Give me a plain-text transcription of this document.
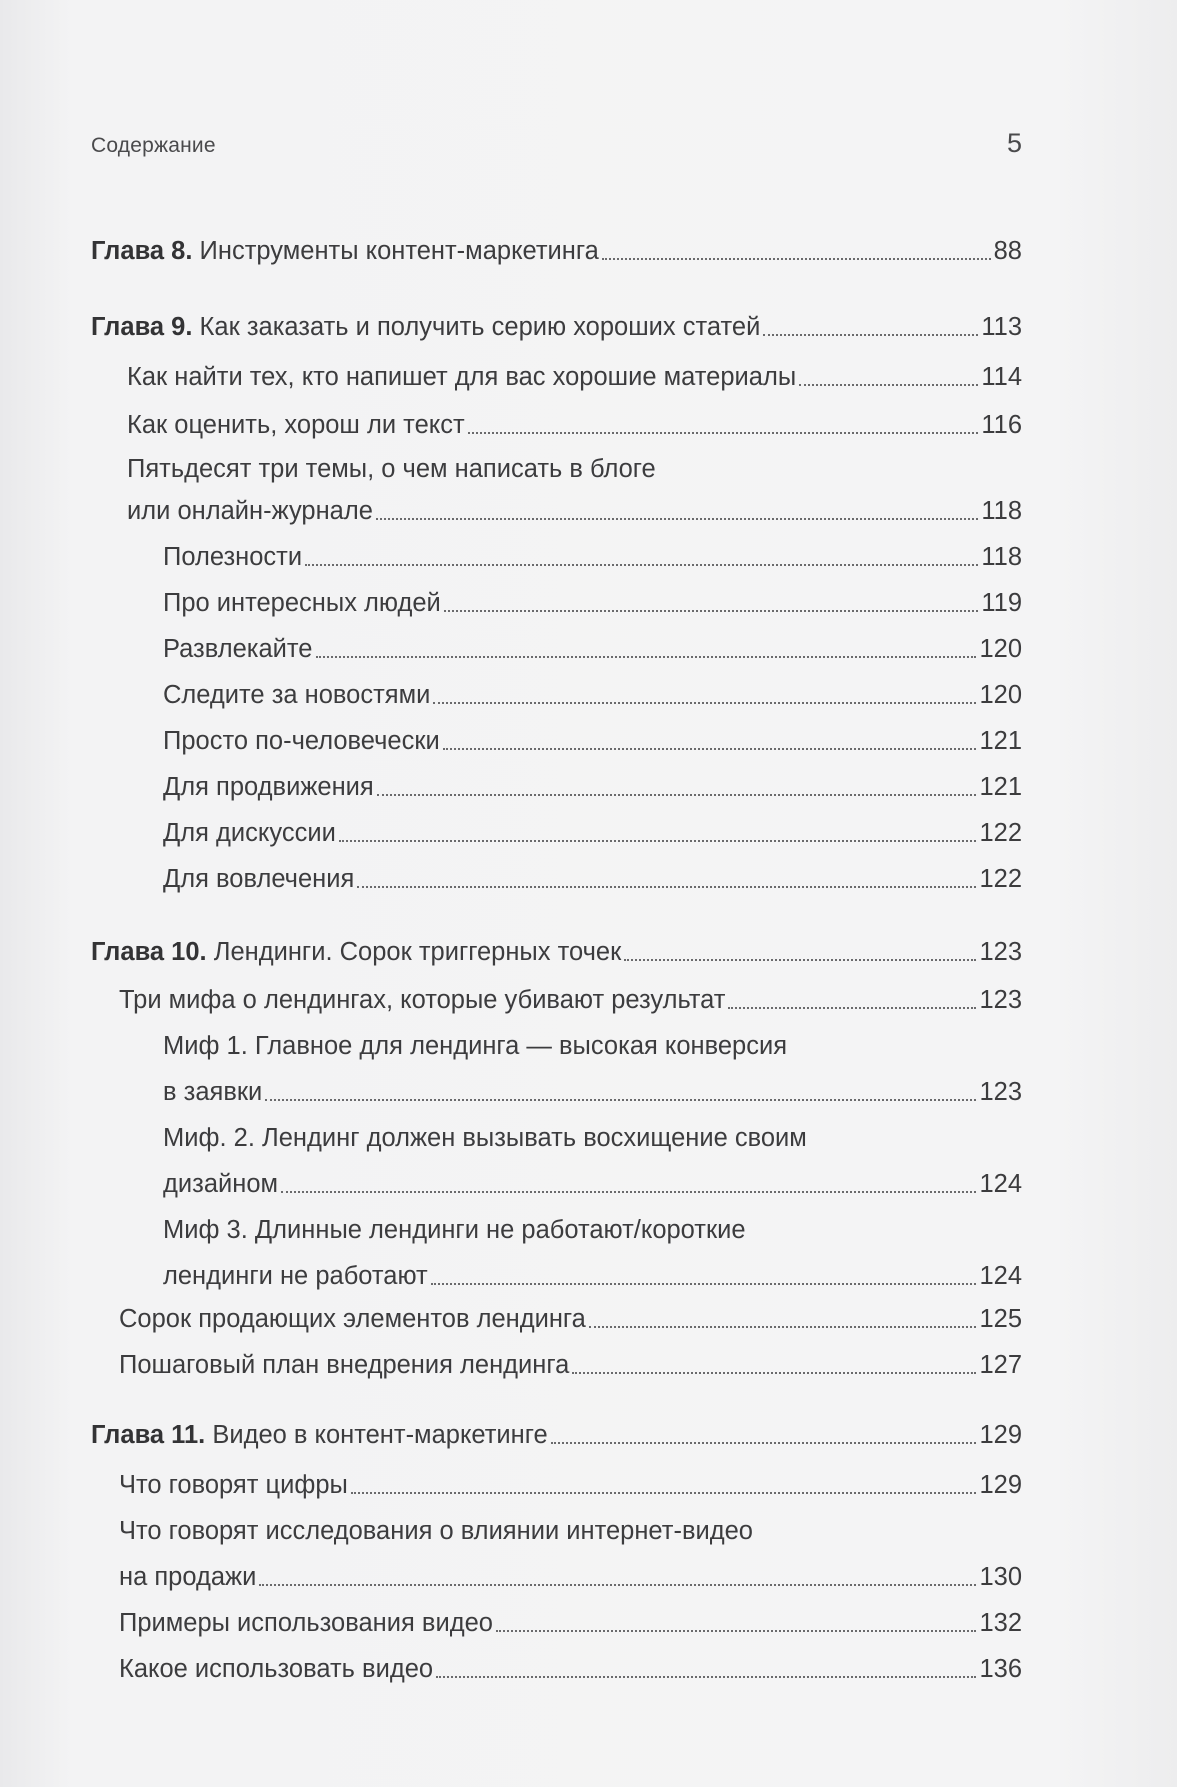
Содержание	5
Глава 8. Инструменты контент-маркетинга	88
Глава 9. Как заказать и получить серию хороших статей	113
Как найти тех, кто напишет для вас хорошие материалы	114
Как оценить, хорош ли текст	116
Пятьдесят три темы, о чем написать в блоге
или онлайн-журнале	118
Полезности	118
Про интересных людей	119
Развлекайте	120
Следите за новостями	120
Просто по-человечески	121
Для продвижения	121
Для дискуссии	122
Для вовлечения	122
Глава 10. Лендинги. Сорок триггерных точек	123
Три мифа о лендингах, которые убивают результат	123
Миф 1. Главное для лендинга — высокая конверсия
в заявки	123
Миф. 2. Лендинг должен вызывать восхищение своим
дизайном	124
Миф 3. Длинные лендинги не работают/короткие
лендинги не работают	124
Сорок продающих элементов лендинга	125
Пошаговый план внедрения лендинга	127
Глава 11. Видео в контент-маркетинге	129
Что говорят цифры	129
Что говорят исследования о влиянии интернет-видео
на продажи	130
Примеры использования видео	132
Какое использовать видео	136
